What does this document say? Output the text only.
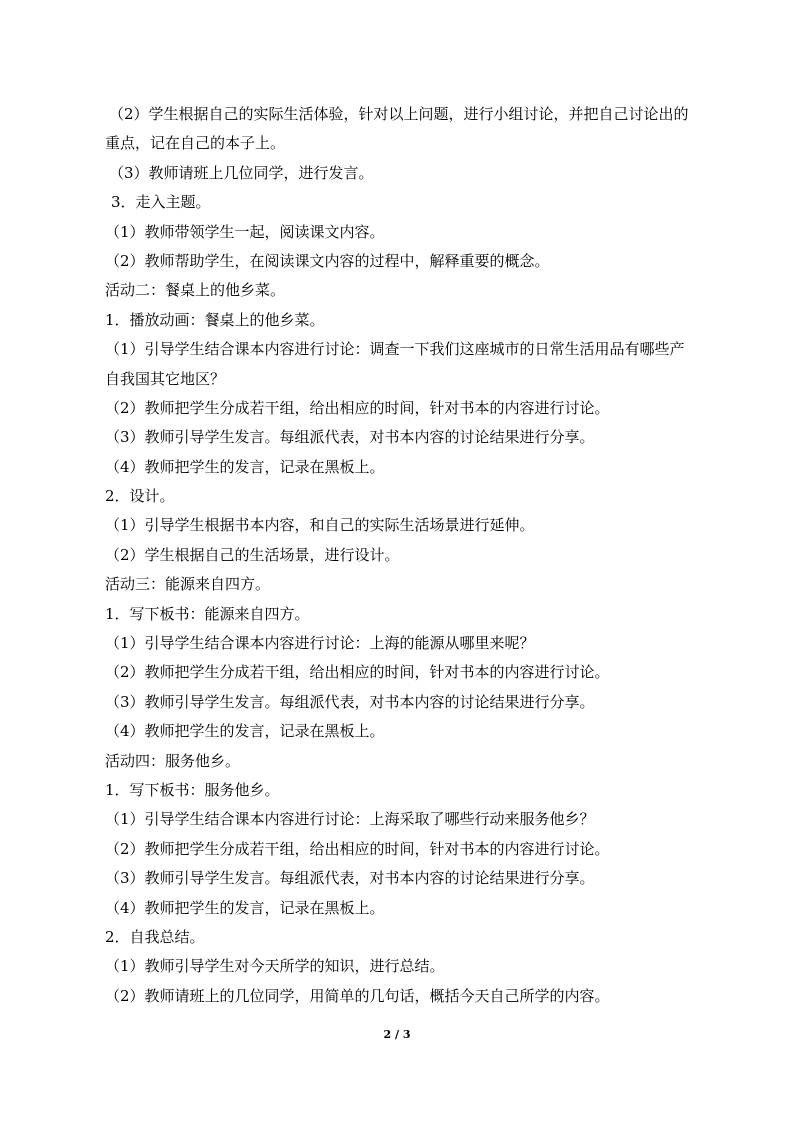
（2）学生根据自己的实际生活体验，针对以上问题，进行小组讨论，并把自己讨论出的
重点，记在自己的本子上。
（3）教师请班上几位同学，进行发言。
3．走入主题。
（1）教师带领学生一起，阅读课文内容。
（2）教师帮助学生，在阅读课文内容的过程中，解释重要的概念。
活动二：餐桌上的他乡菜。
1．播放动画：餐桌上的他乡菜。
（1）引导学生结合课本内容进行讨论：调查一下我们这座城市的日常生活用品有哪些产
自我国其它地区？
（2）教师把学生分成若干组，给出相应的时间，针对书本的内容进行讨论。
（3）教师引导学生发言。每组派代表，对书本内容的讨论结果进行分享。
（4）教师把学生的发言，记录在黑板上。
2．设计。
（1）引导学生根据书本内容，和自己的实际生活场景进行延伸。
（2）学生根据自己的生活场景，进行设计。
活动三：能源来自四方。
1．写下板书：能源来自四方。
（1）引导学生结合课本内容进行讨论：上海的能源从哪里来呢？
（2）教师把学生分成若干组，给出相应的时间，针对书本的内容进行讨论。
（3）教师引导学生发言。每组派代表，对书本内容的讨论结果进行分享。
（4）教师把学生的发言，记录在黑板上。
活动四：服务他乡。
1．写下板书：服务他乡。
（1）引导学生结合课本内容进行讨论：上海采取了哪些行动来服务他乡？
（2）教师把学生分成若干组，给出相应的时间，针对书本的内容进行讨论。
（3）教师引导学生发言。每组派代表，对书本内容的讨论结果进行分享。
（4）教师把学生的发言，记录在黑板上。
2．自我总结。
（1）教师引导学生对今天所学的知识，进行总结。
（2）教师请班上的几位同学，用简单的几句话，概括今天自己所学的内容。
2 / 3
